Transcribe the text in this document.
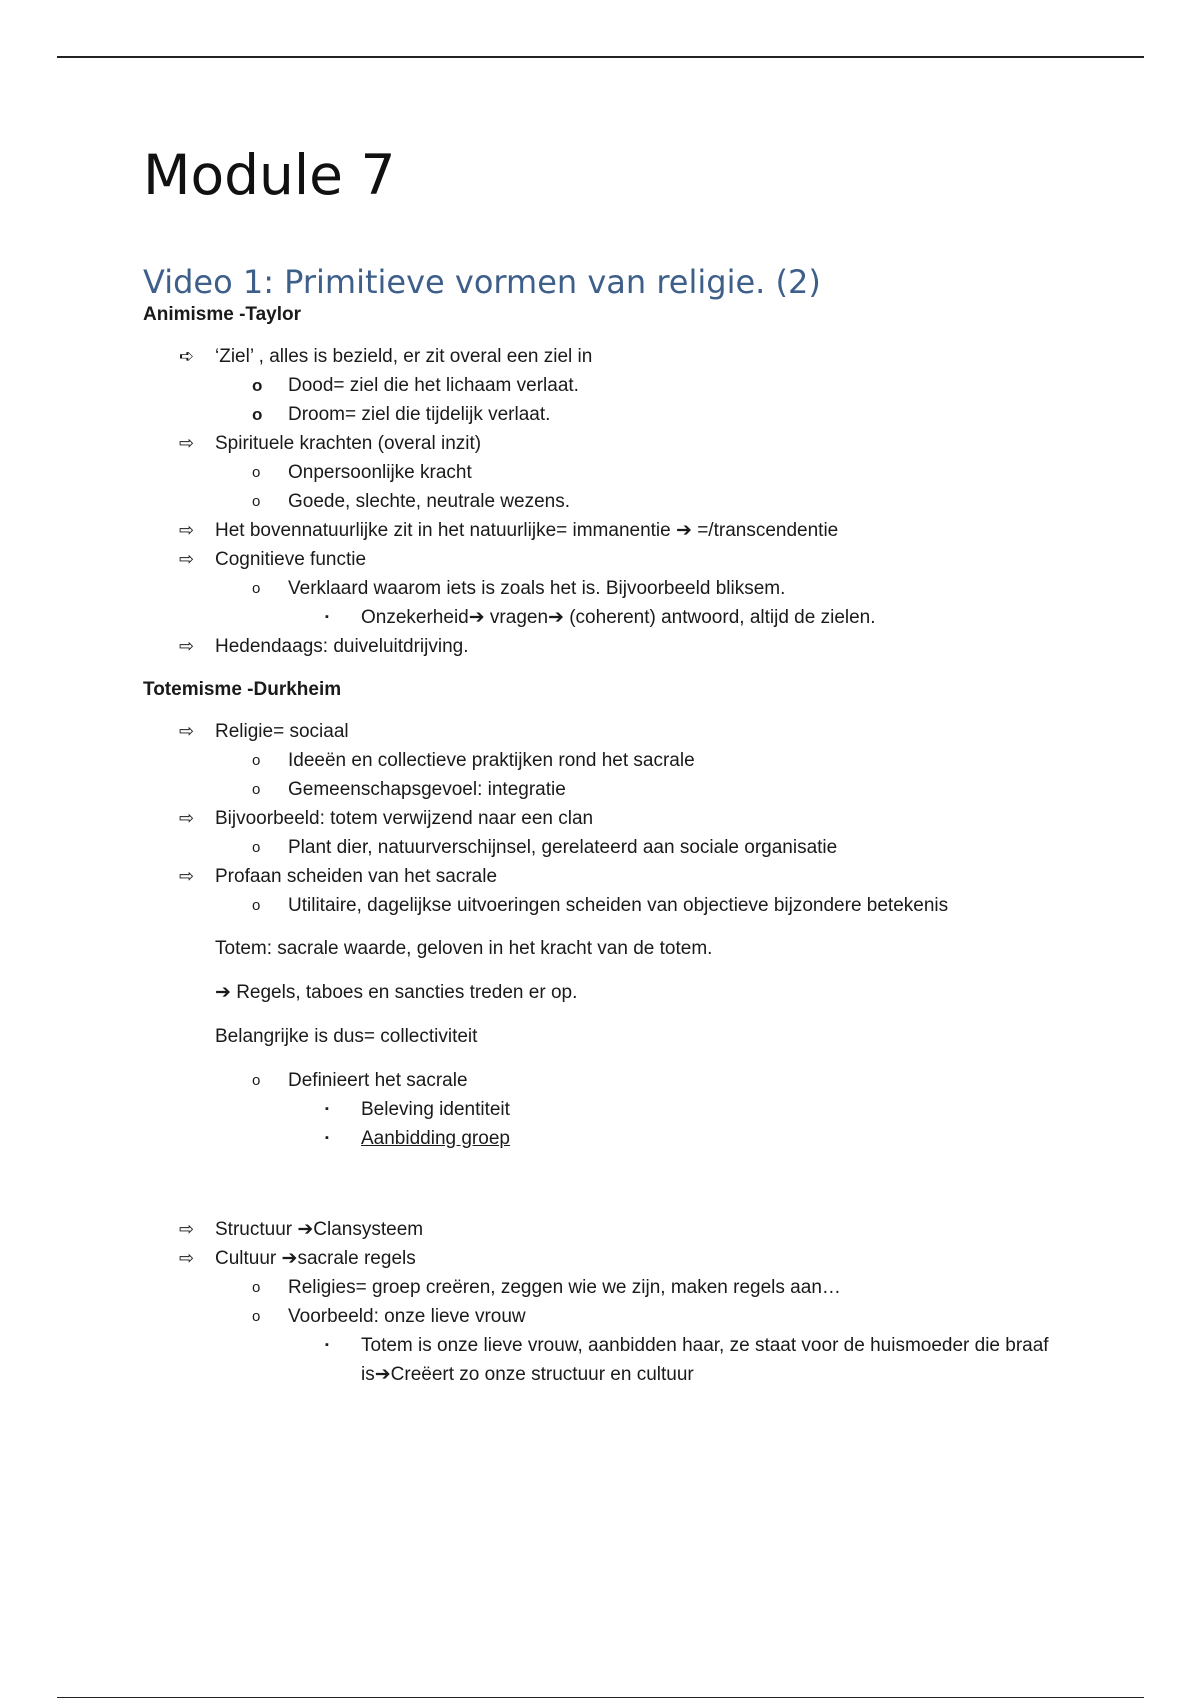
Module 7
Video 1: Primitieve vormen van religie. (2)
Animisme -Taylor
➪ ‘Ziel’ , alles is bezield, er zit overal een ziel in
o Dood= ziel die het lichaam verlaat.
o Droom= ziel die tijdelijk verlaat.
⇨ Spirituele krachten (overal inzit)
o Onpersoonlijke kracht
o Goede, slechte, neutrale wezens.
⇨ Het bovennatuurlijke zit in het natuurlijke= immanentie ➔ =/transcendentie
⇨ Cognitieve functie
o Verklaard waarom iets is zoals het is. Bijvoorbeeld bliksem.
▪ Onzekerheid➔ vragen➔ (coherent) antwoord, altijd de zielen.
⇨ Hedendaags: duiveluitdrijving.
Totemisme -Durkheim
⇨ Religie= sociaal
o Ideeën en collectieve praktijken rond het sacrale
o Gemeenschapsgevoel: integratie
⇨ Bijvoorbeeld: totem verwijzend naar een clan
o Plant dier, natuurverschijnsel, gerelateerd aan sociale organisatie
⇨ Profaan scheiden van het sacrale
o Utilitaire, dagelijkse uitvoeringen scheiden van objectieve bijzondere betekenis
Totem: sacrale waarde, geloven in het kracht van de totem.
➔ Regels, taboes en sancties treden er op.
Belangrijke is dus= collectiviteit
o Definieert het sacrale
▪ Beleving identiteit
▪ Aanbidding groep
⇨ Structuur ➔Clansysteem
⇨ Cultuur ➔sacrale regels
o Religies= groep creëren, zeggen wie we zijn, maken regels aan…
o Voorbeeld: onze lieve vrouw
▪ Totem is onze lieve vrouw, aanbidden haar, ze staat voor de huismoeder die braaf is➔Creëert zo onze structuur en cultuur
